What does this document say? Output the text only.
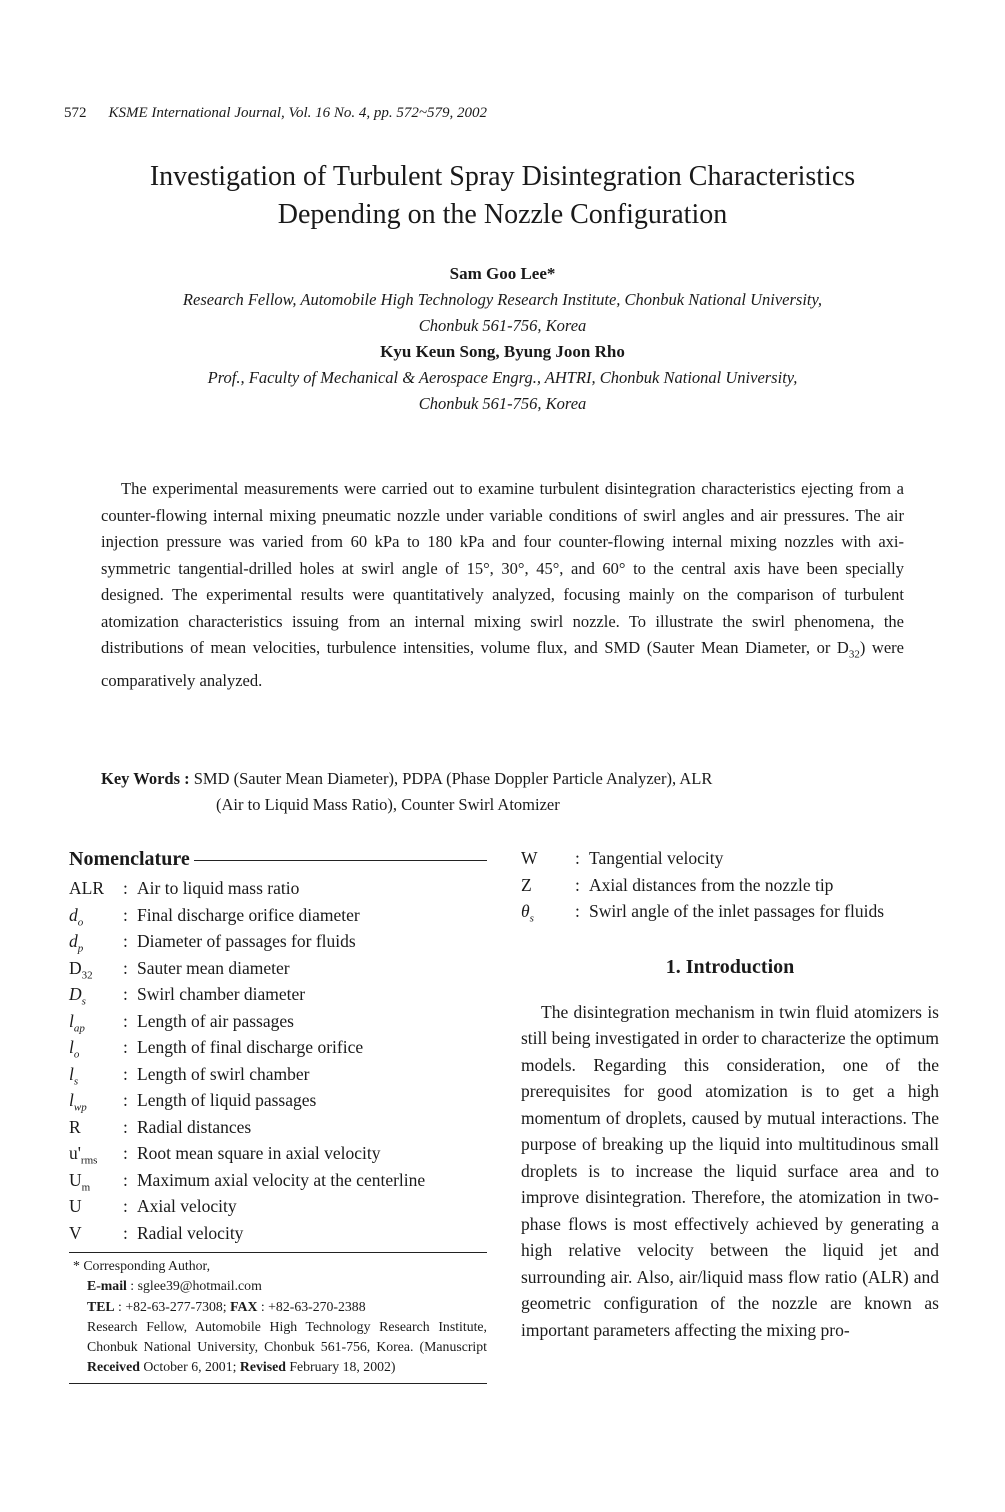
572 KSME International Journal, Vol. 16 No. 4, pp. 572~579, 2002
Investigation of Turbulent Spray Disintegration Characteristics
Depending on the Nozzle Configuration
Sam Goo Lee*
Research Fellow, Automobile High Technology Research Institute, Chonbuk National University,
Chonbuk 561-756, Korea
Kyu Keun Song, Byung Joon Rho
Prof., Faculty of Mechanical & Aerospace Engrg., AHTRI, Chonbuk National University,
Chonbuk 561-756, Korea

The experimental measurements were carried out to examine turbulent disintegration characteristics ejecting from a counter-flowing internal mixing pneumatic nozzle under variable conditions of swirl angles and air pressures. The air injection pressure was varied from 60 kPa to 180 kPa and four counter-flowing internal mixing nozzles with axi-symmetric tangential-drilled holes at swirl angle of 15°, 30°, 45°, and 60° to the central axis have been specially designed. The experimental results were quantitatively analyzed, focusing mainly on the comparison of turbulent atomization characteristics issuing from an internal mixing swirl nozzle. To illustrate the swirl phenomena, the distributions of mean velocities, turbulence intensities, volume flux, and SMD (Sauter Mean Diameter, or $D_{32}$) were comparatively analyzed.

Key Words : SMD (Sauter Mean Diameter), PDPA (Phase Doppler Particle Analyzer), ALR
(Air to Liquid Mass Ratio), Counter Swirl Atomizer
Nomenclature
ALR	: Air to liquid mass ratio
$d_o$	: Final discharge orifice diameter
$d_p$	: Diameter of passages for fluids
$D_{32}$	: Sauter mean diameter
$D_s$	: Swirl chamber diameter
$l_{ap}$	: Length of air passages
$l_o$	: Length of final discharge orifice
$l_s$	: Length of swirl chamber
$l_{wp}$	: Length of liquid passages
R	: Radial distances
$u'_{rms}$	: Root mean square in axial velocity
$U_m$	: Maximum axial velocity at the centerline
U	: Axial velocity
V	: Radial velocity
* Corresponding Author,
E-mail : sglee39@hotmail.com
TEL : +82-63-277-7308; FAX : +82-63-270-2388
Research Fellow, Automobile High Technology Research Institute, Chonbuk National University, Chonbuk 561-756, Korea. (Manuscript Received October 6, 2001; Revised February 18, 2002)
W	: Tangential velocity
Z	: Axial distances from the nozzle tip
$\theta_s$	: Swirl angle of the inlet passages for fluids
1. Introduction

The disintegration mechanism in twin fluid atomizers is still being investigated in order to characterize the optimum models. Regarding this consideration, one of the prerequisites for good atomization is to get a high momentum of droplets, caused by mutual interactions. The purpose of breaking up the liquid into multitudinous small droplets is to increase the liquid surface area and to improve disintegration. Therefore, the atomization in two-phase flows is most effectively achieved by generating a high relative velocity between the liquid jet and surrounding air. Also, air/liquid mass flow ratio (ALR) and geometric configuration of the nozzle are known as important parameters affecting the mixing pro-
